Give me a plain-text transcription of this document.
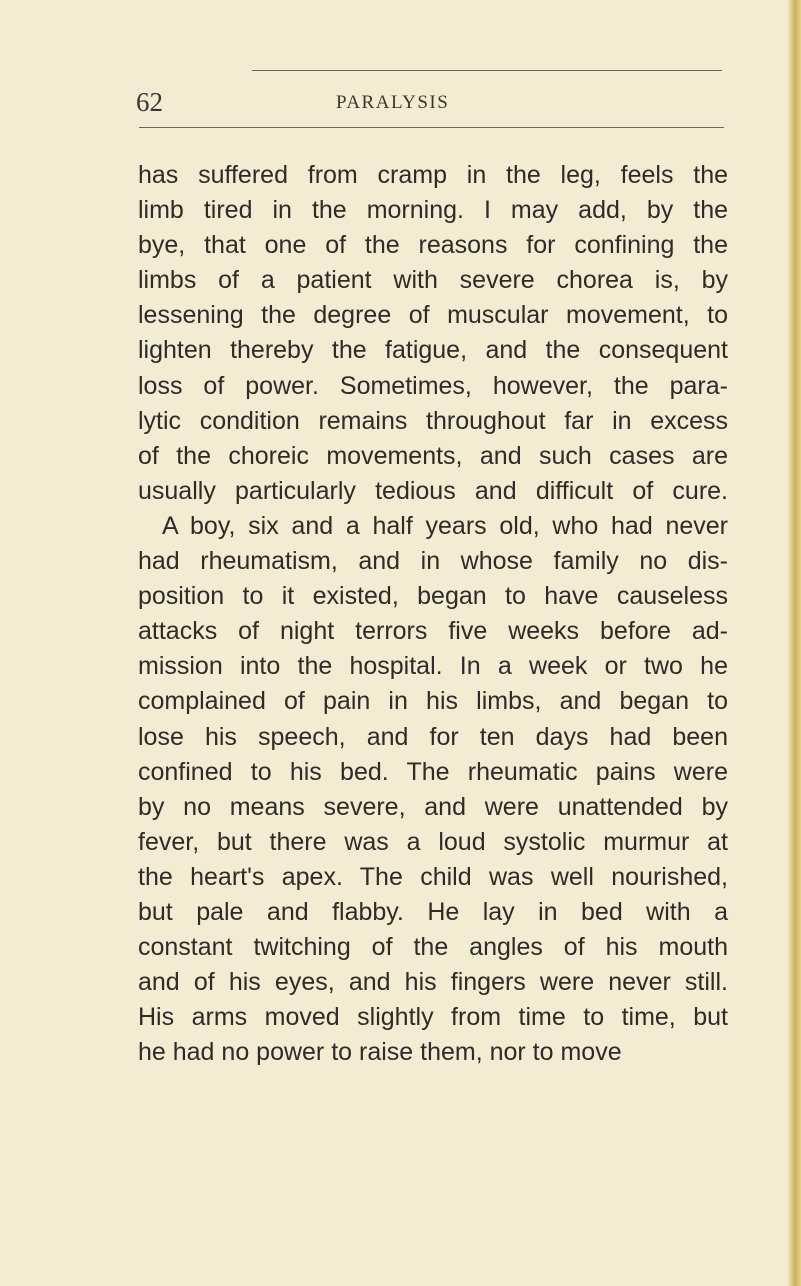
62	PARALYSIS

has suffered from cramp in the leg, feels the
limb tired in the morning. I may add, by the
bye, that one of the reasons for confining the
limbs of a patient with severe chorea is, by
lessening the degree of muscular movement, to
lighten thereby the fatigue, and the consequent
loss of power. Sometimes, however, the para-
lytic condition remains throughout far in excess
of the choreic movements, and such cases are
usually particularly tedious and difficult of cure.
A boy, six and a half years old, who had never
had rheumatism, and in whose family no dis-
position to it existed, began to have causeless
attacks of night terrors five weeks before ad-
mission into the hospital. In a week or two he
complained of pain in his limbs, and began to
lose his speech, and for ten days had been
confined to his bed. The rheumatic pains were
by no means severe, and were unattended by
fever, but there was a loud systolic murmur at
the heart's apex. The child was well nourished,
but pale and flabby. He lay in bed with a
constant twitching of the angles of his mouth
and of his eyes, and his fingers were never still.
His arms moved slightly from time to time, but
he had no power to raise them, nor to move
